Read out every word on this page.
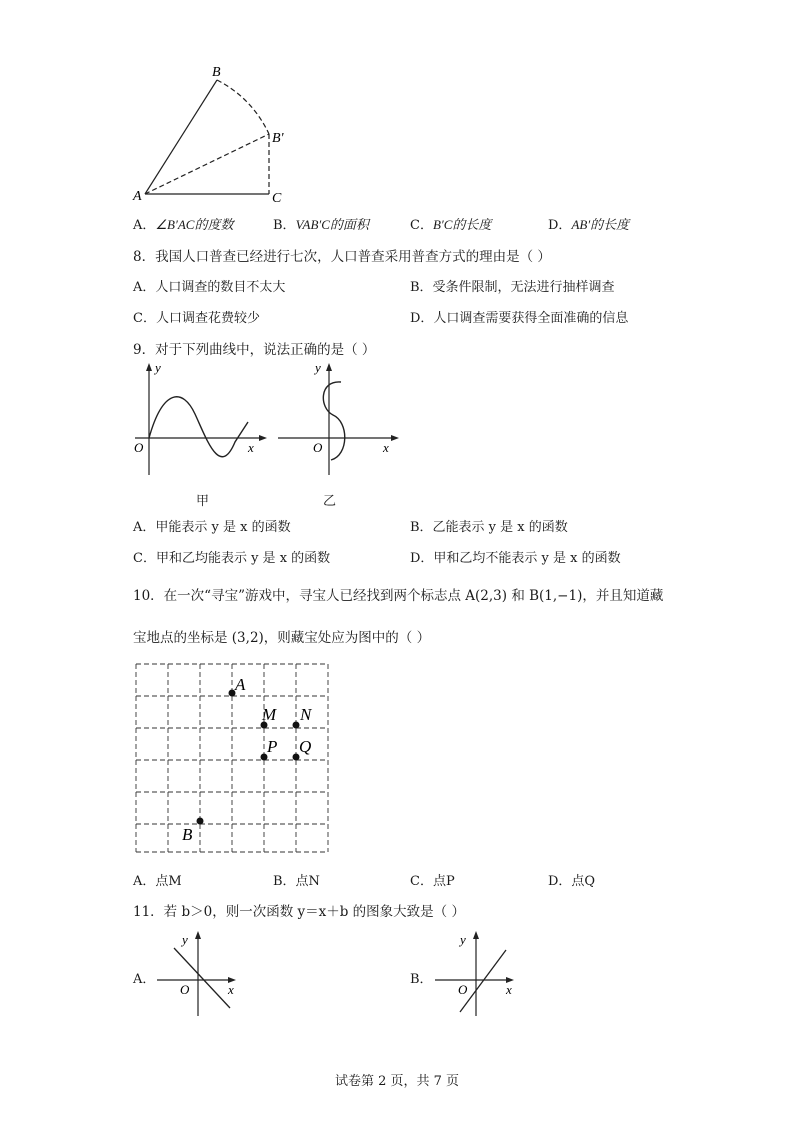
A
B
B'
C
A．∠B′AC的度数	B．VAB′C的面积	C．B′C的长度	D．AB′的长度
8．我国人口普查已经进行七次，人口普查采用普查方式的理由是（ ）
A．人口调查的数目不太大	B．受条件限制，无法进行抽样调查
C．人口调查花费较少	D．人口调查需要获得全面准确的信息
9．对于下列曲线中，说法正确的是（ ）
y
x
O
甲
y
x
O
乙
A．甲能表示 y 是 x 的函数	B．乙能表示 y 是 x 的函数
C．甲和乙均能表示 y 是 x 的函数	D．甲和乙均不能表示 y 是 x 的函数
10．在一次“寻宝”游戏中，寻宝人已经找到两个标志点 A(2,3) 和 B(1,−1)，并且知道藏
宝地点的坐标是 (3,2)，则藏宝处应为图中的（ ）
A
M N
P Q
B
A．点M	B．点N	C．点P	D．点Q
11．若 b＞0，则一次函数 y＝x＋b 的图象大致是（ ）
A．
y
x
O
B．
y
x
O
试卷第 2 页，共 7 页
